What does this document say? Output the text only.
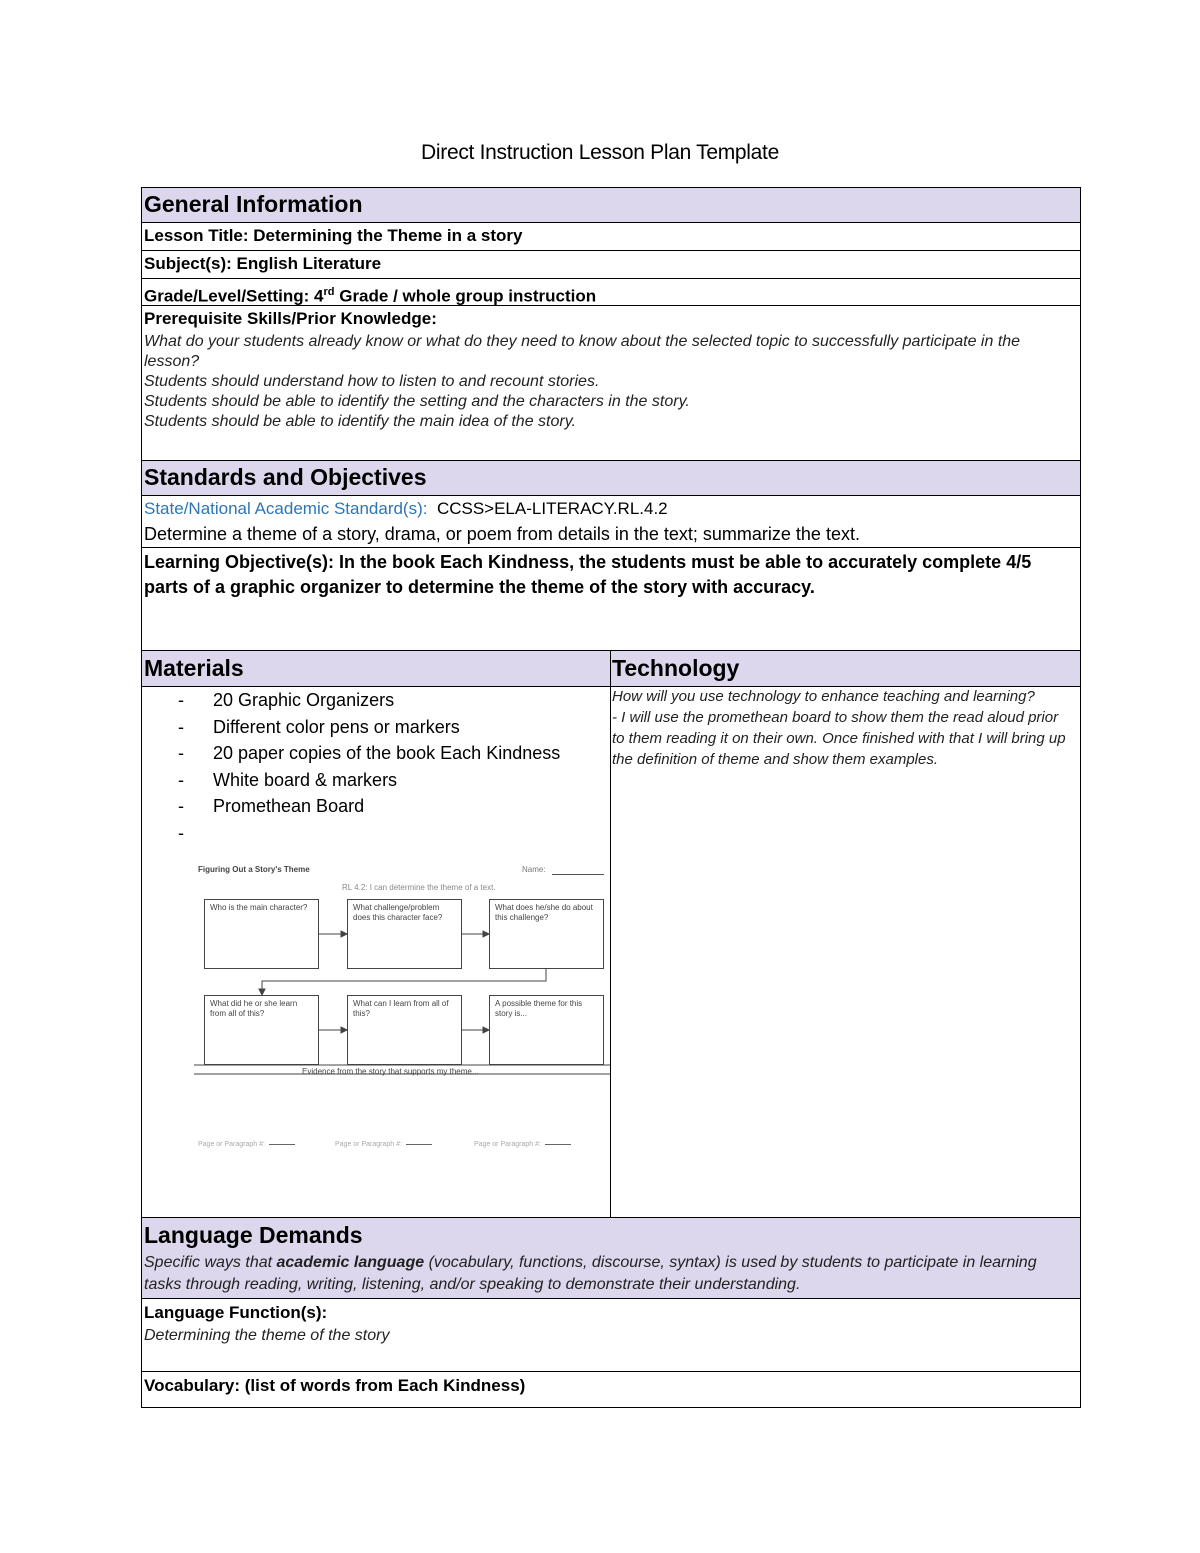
Direct Instruction Lesson Plan Template
General Information
Lesson Title: Determining the Theme in a story
Subject(s): English Literature
Grade/Level/Setting: 4rd Grade / whole group instruction
Prerequisite Skills/Prior Knowledge:
What do your students already know or what do they need to know about the selected topic to successfully participate in the lesson?
Students should understand how to listen to and recount stories.
Students should be able to identify the setting and the characters in the story.
Students should be able to identify the main idea of the story.
Standards and Objectives
State/National Academic Standard(s): CCSS>ELA-LITERACY.RL.4.2
Determine a theme of a story, drama, or poem from details in the text; summarize the text.
Learning Objective(s): In the book Each Kindness, the students must be able to accurately complete 4/5 parts of a graphic organizer to determine the theme of the story with accuracy.
Materials	Technology
- 20 Graphic Organizers
- Different color pens or markers
- 20 paper copies of the book Each Kindness
- White board & markers
- Promethean Board
-
How will you use technology to enhance teaching and learning?
- I will use the promethean board to show them the read aloud prior to them reading it on their own. Once finished with that I will bring up the definition of theme and show them examples.
Figuring Out a Story's Theme	Name:
RL 4.2: I can determine the theme of a text.
Who is the main character?	What challenge/problem does this character face?
What does he/she do about this challenge?
What did he or she learn from all of this?
What can I learn from all of this?
A possible theme for this story is...
Evidence from the story that supports my theme...
Page or Paragraph #:	Page or Paragraph #:	Page or Paragraph #:
Language Demands
Specific ways that academic language (vocabulary, functions, discourse, syntax) is used by students to participate in learning tasks through reading, writing, listening, and/or speaking to demonstrate their understanding.
Language Function(s):
Determining the theme of the story
Vocabulary: (list of words from Each Kindness)
